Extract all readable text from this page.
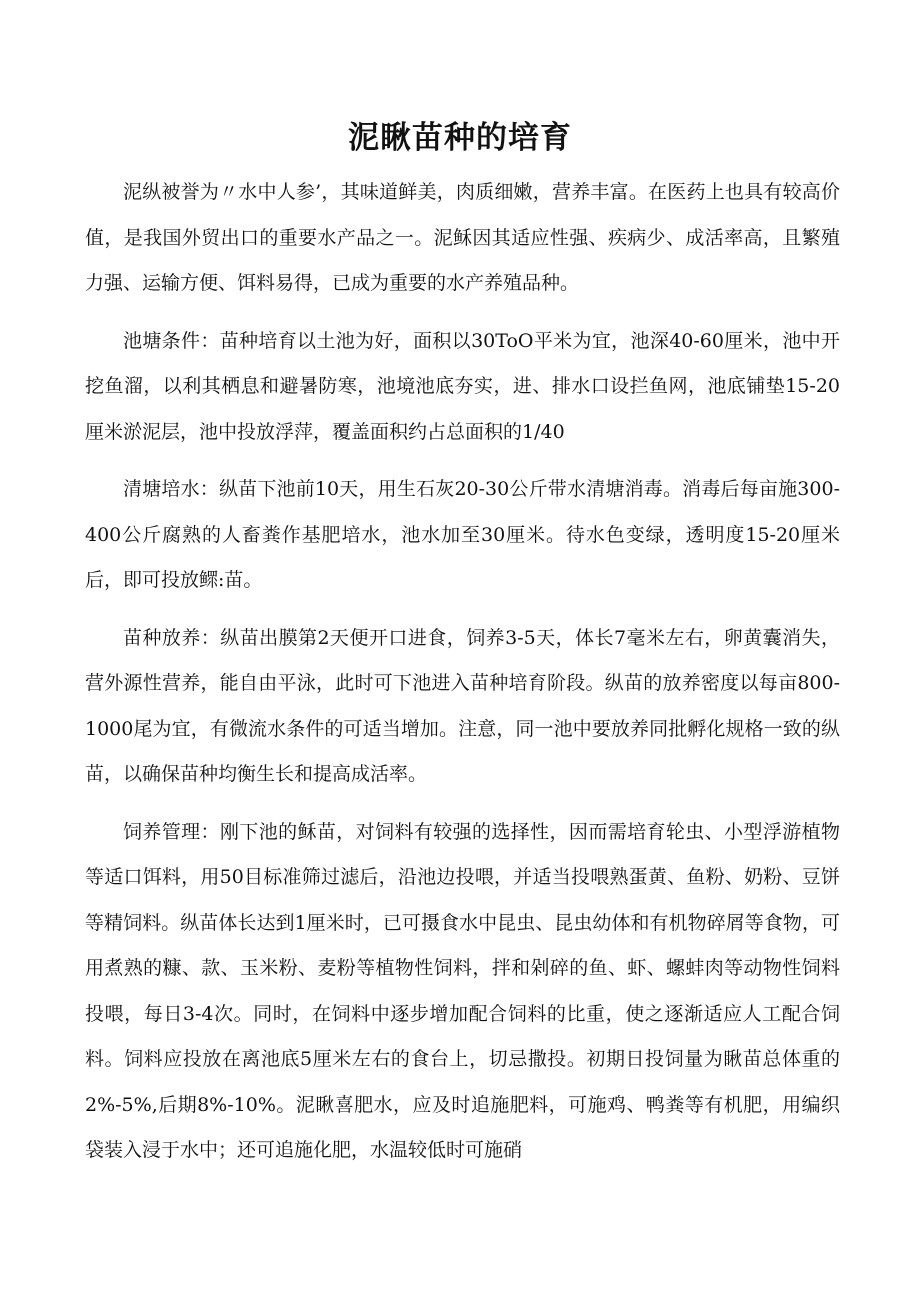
泥瞅苗种的培育

泥纵被誉为〃水中人参’，其味道鲜美，肉质细嫩，营养丰富。在医药上也具有较高价值，是我国外贸出口的重要水产品之一。泥稣因其适应性强、疾病少、成活率高，且繁殖力强、运输方便、饵料易得，已成为重要的水产养殖品种。

池塘条件：苗种培育以土池为好，面积以30ToO平米为宜，池深40-60厘米，池中开挖鱼溜，以利其栖息和避暑防寒，池境池底夯实，进、排水口设拦鱼网，池底铺垫15-20厘米淤泥层，池中投放浮萍，覆盖面积约占总面积的1∕40

清塘培水：纵苗下池前10天，用生石灰20-30公斤带水清塘消毒。消毒后每亩施300-400公斤腐熟的人畜粪作基肥培水，池水加至30厘米。待水色变绿，透明度15-20厘米后，即可投放鳏:苗。

苗种放养：纵苗出膜第2天便开口进食，饲养3-5天，体长7毫米左右，卵黄囊消失，营外源性营养，能自由平泳，此时可下池进入苗种培育阶段。纵苗的放养密度以每亩800-1000尾为宜，有微流水条件的可适当增加。注意，同一池中要放养同批孵化规格一致的纵苗，以确保苗种均衡生长和提高成活率。

饲养管理：刚下池的稣苗，对饲料有较强的选择性，因而需培育轮虫、小型浮游植物等适口饵料，用50目标准筛过滤后，沿池边投喂，并适当投喂熟蛋黄、鱼粉、奶粉、豆饼等精饲料。纵苗体长达到1厘米时，已可摄食水中昆虫、昆虫幼体和有机物碎屑等食物，可用煮熟的糠、款、玉米粉、麦粉等植物性饲料，拌和剁碎的鱼、虾、螺蚌肉等动物性饲料投喂，每日3-4次。同时，在饲料中逐步增加配合饲料的比重，使之逐渐适应人工配合饲料。饲料应投放在离池底5厘米左右的食台上，切忌撒投。初期日投饲量为瞅苗总体重的2%-5%,后期8%-10%。泥瞅喜肥水，应及时追施肥料，可施鸡、鸭粪等有机肥，用编织袋装入浸于水中；还可追施化肥，水温较低时可施硝
